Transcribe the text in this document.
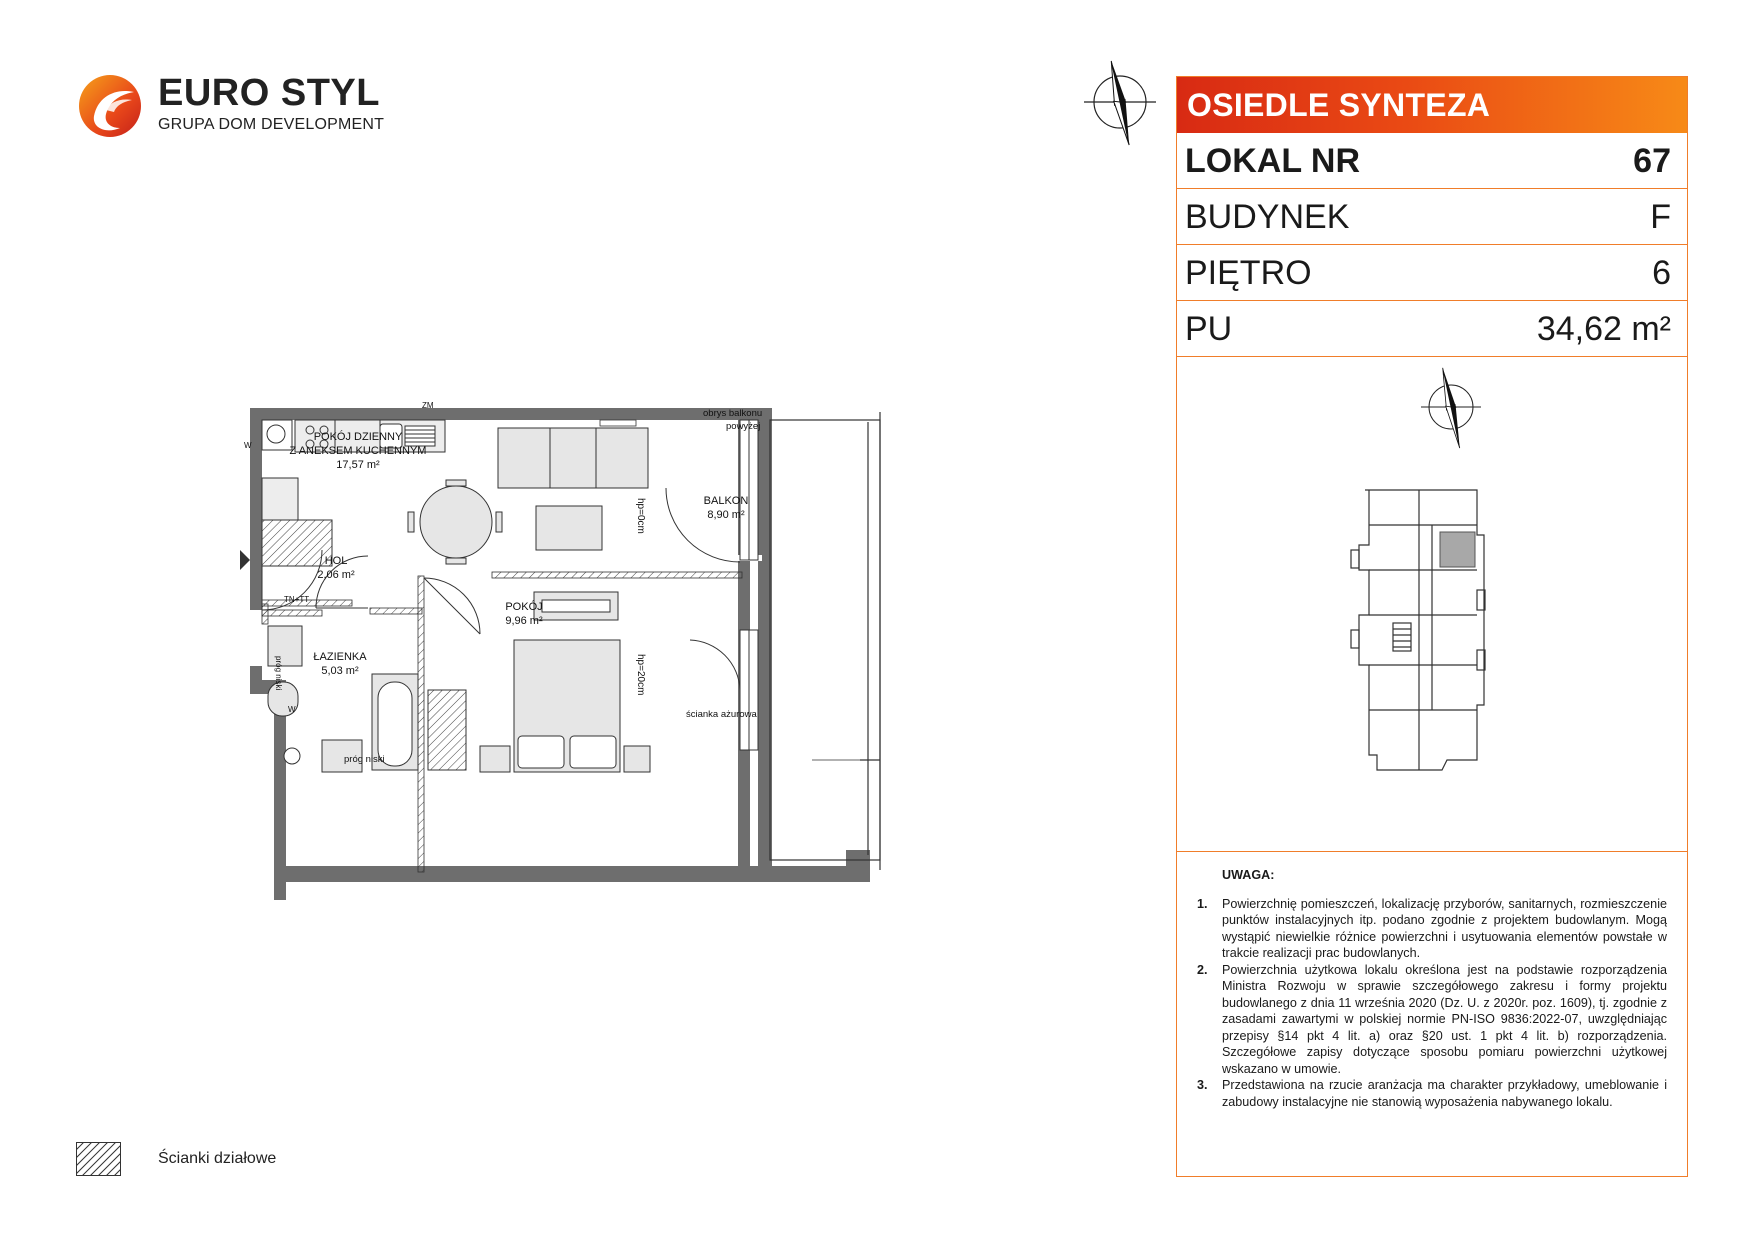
EURO STYL
GRUPA DOM DEVELOPMENT
OSIEDLE SYNTEZA
LOKAL NR	67
BUDYNEK	F
PIĘTRO	6
PU	34,62 m²
UWAGA:
1. Powierzchnię pomieszczeń, lokalizację przyborów, sanitarnych, rozmieszczenie punktów instalacyjnych itp. podano zgodnie z projektem budowlanym. Mogą wystąpić niewielkie różnice powierzchni i usytuowania elementów powstałe w trakcie realizacji prac budowlanych.
2. Powierzchnia użytkowa lokalu określona jest na podstawie rozporządzenia Ministra Rozwoju w sprawie szczegółowego zakresu i formy projektu budowlanego z dnia 11 września 2020 (Dz. U. z 2020r. poz. 1609), tj. zgodnie z zasadami zawartymi w polskiej normie PN-ISO 9836:2022-07, uwzględniając przepisy §14 pkt 4 lit. a) oraz §20 ust. 1 pkt 4 lit. b) rozporządzenia. Szczegółowe zapisy dotyczące sposobu pomiaru powierzchni użytkowej wskazano w umowie.
3. Przedstawiona na rzucie aranżacja ma charakter przykładowy, umeblowanie i zabudowy instalacyjne nie stanowią wyposażenia nabywanego lokalu.
Ścianki działowe
POKÓJ DZIENNY
Z ANEKSEM KUCHENNYM
17,57 m²
HOL
2,06 m²
POKÓJ
9,96 m²
ŁAZIENKA
5,03 m²
BALKON
8,90 m²
obrys balkonu
powyżej
ścianka ażurowa
próg niski
TN+TT
W
W
ZM
hp=0cm
hp=20cm
próg niski
